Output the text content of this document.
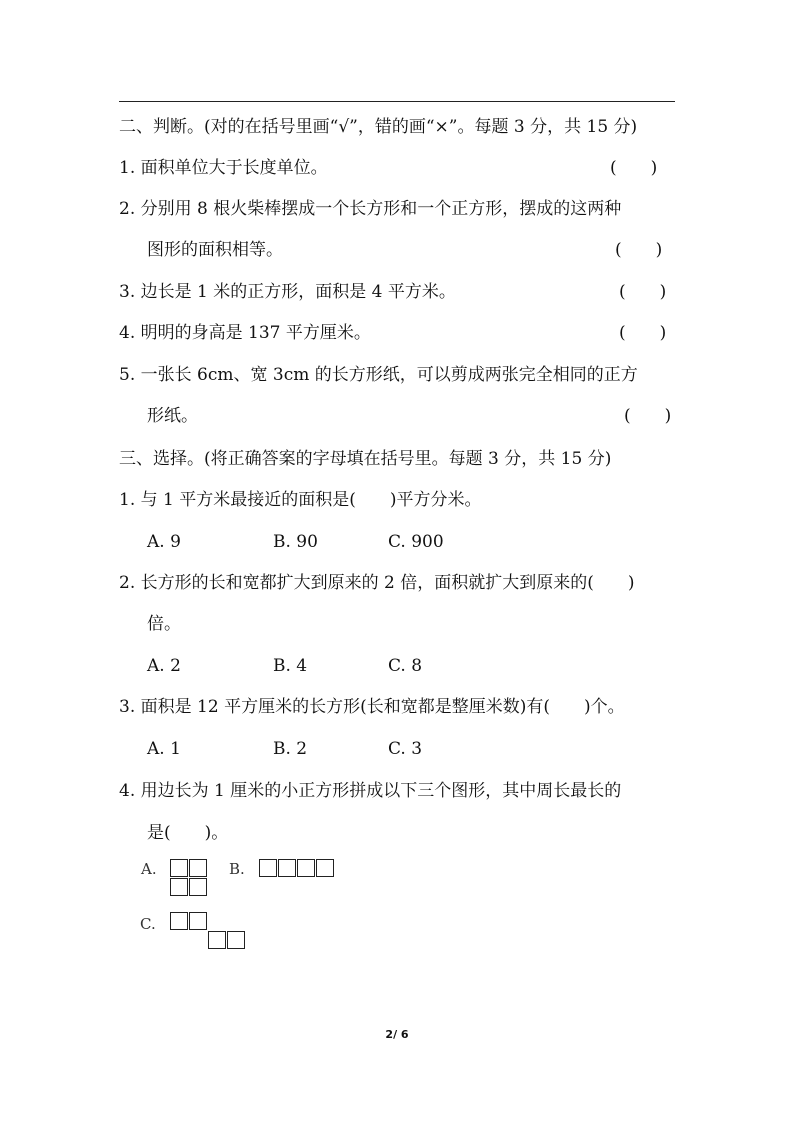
二、判断。(对的在括号里画“√”，错的画“×”。每题 3 分，共 15 分)
1. 面积单位大于长度单位。	(　　)
2. 分别用 8 根火柴棒摆成一个长方形和一个正方形，摆成的这两种
图形的面积相等。	(　　)
3. 边长是 1 米的正方形，面积是 4 平方米。	(　　)
4. 明明的身高是 137 平方厘米。	(　　)
5. 一张长 6cm、宽 3cm 的长方形纸，可以剪成两张完全相同的正方
形纸。	(　　)
三、选择。(将正确答案的字母填在括号里。每题 3 分，共 15 分)
1. 与 1 平方米最接近的面积是(　　)平方分米。
A. 9	B. 90	C. 900
2. 长方形的长和宽都扩大到原来的 2 倍，面积就扩大到原来的(　　)
倍。
A. 2	B. 4	C. 8
3. 面积是 12 平方厘米的长方形(长和宽都是整厘米数)有(　　)个。
A. 1	B. 2	C. 3
4. 用边长为 1 厘米的小正方形拼成以下三个图形，其中周长最长的
是(　　)。
A.	B.
C.
2/ 6
